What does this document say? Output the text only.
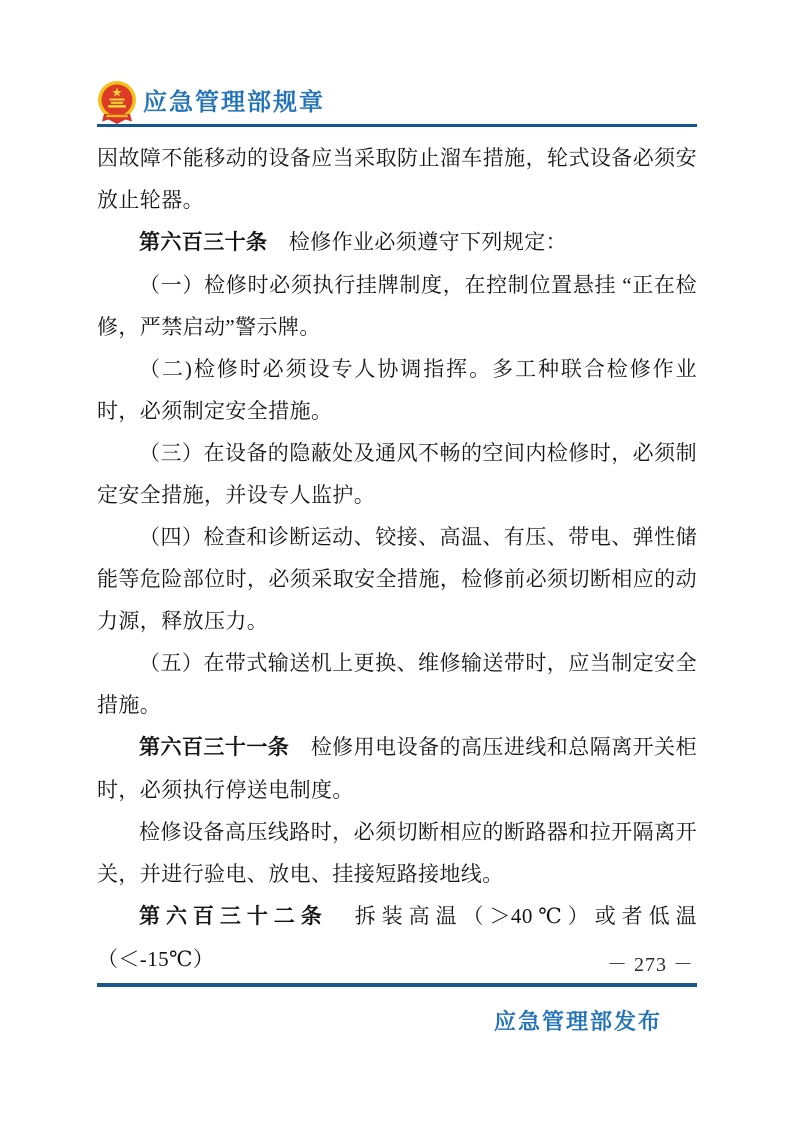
应急管理部规章

因故障不能移动的设备应当采取防止溜车措施，轮式设备必须安放止轮器。

第六百三十条　检修作业必须遵守下列规定：

（一）检修时必须执行挂牌制度，在控制位置悬挂 “正在检修，严禁启动”警示牌。

（二)检修时必须设专人协调指挥。多工种联合检修作业时，必须制定安全措施。

（三）在设备的隐蔽处及通风不畅的空间内检修时，必须制定安全措施，并设专人监护。

（四）检查和诊断运动、铰接、高温、有压、带电、弹性储能等危险部位时，必须采取安全措施，检修前必须切断相应的动力源，释放压力。

（五）在带式输送机上更换、维修输送带时，应当制定安全措施。

第六百三十一条　检修用电设备的高压进线和总隔离开关柜时，必须执行停送电制度。

检修设备高压线路时，必须切断相应的断路器和拉开隔离开关，并进行验电、放电、挂接短路接地线。

第六百三十二条　拆装高温（＞40℃）或者低温（＜-15℃）	－ 273 －
应急管理部发布
